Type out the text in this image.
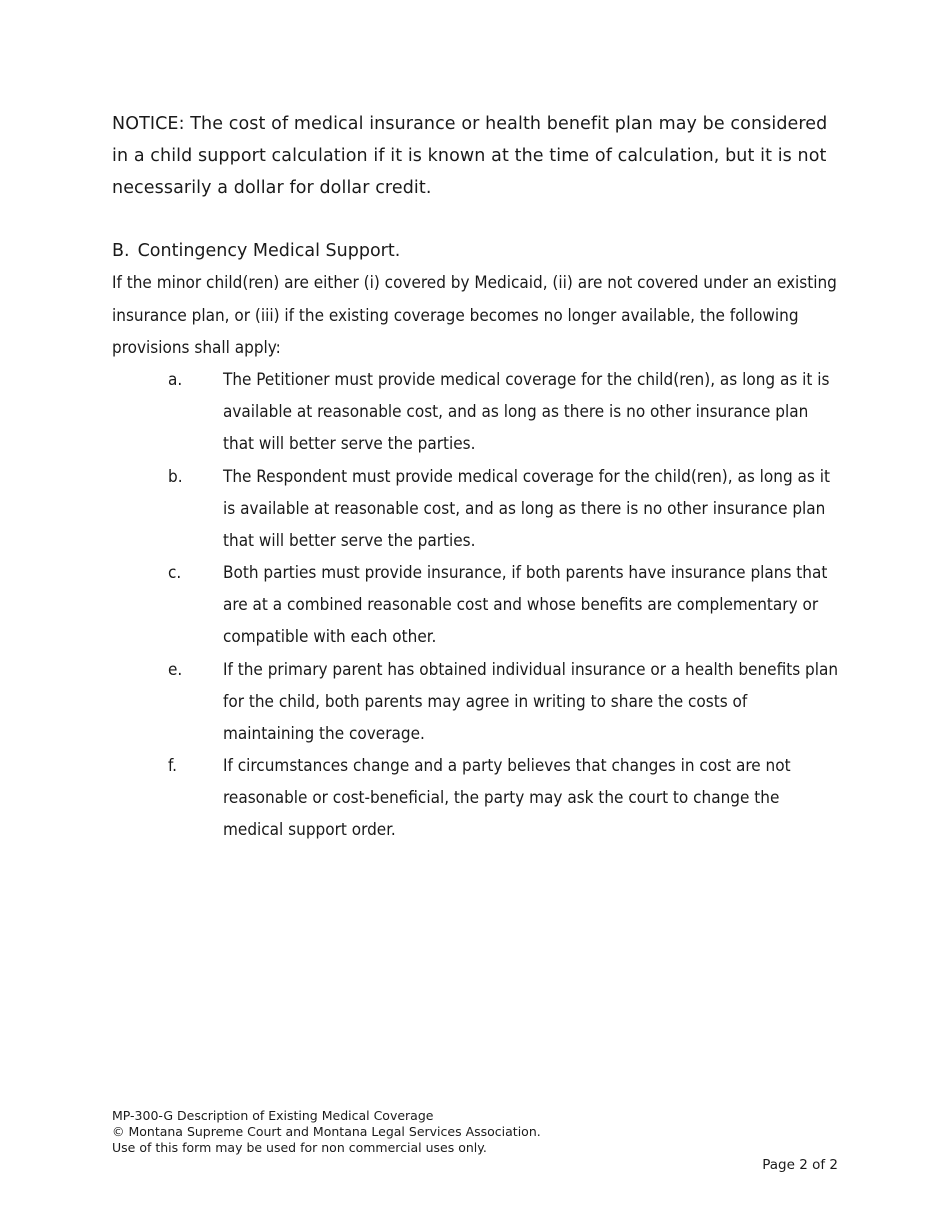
NOTICE: The cost of medical insurance or health benefit plan may be considered in a child support calculation if it is known at the time of calculation, but it is not necessarily a dollar for dollar credit.

B. Contingency Medical Support.

If the minor child(ren) are either (i) covered by Medicaid, (ii) are not covered under an existing insurance plan, or (iii) if the existing coverage becomes no longer available, the following provisions shall apply:

a. The Petitioner must provide medical coverage for the child(ren), as long as it is available at reasonable cost, and as long as there is no other insurance plan that will better serve the parties.
b. The Respondent must provide medical coverage for the child(ren), as long as it is available at reasonable cost, and as long as there is no other insurance plan that will better serve the parties.
c. Both parties must provide insurance, if both parents have insurance plans that are at a combined reasonable cost and whose benefits are complementary or compatible with each other.
e. If the primary parent has obtained individual insurance or a health benefits plan for the child, both parents may agree in writing to share the costs of maintaining the coverage.
f.	If circumstances change and a party believes that changes in cost are not reasonable or cost-beneficial, the party may ask the court to change the medical support order.
MP-300-G Description of Existing Medical Coverage
© Montana Supreme Court and Montana Legal Services Association.
Use of this form may be used for non commercial uses only.
Page 2 of 2
